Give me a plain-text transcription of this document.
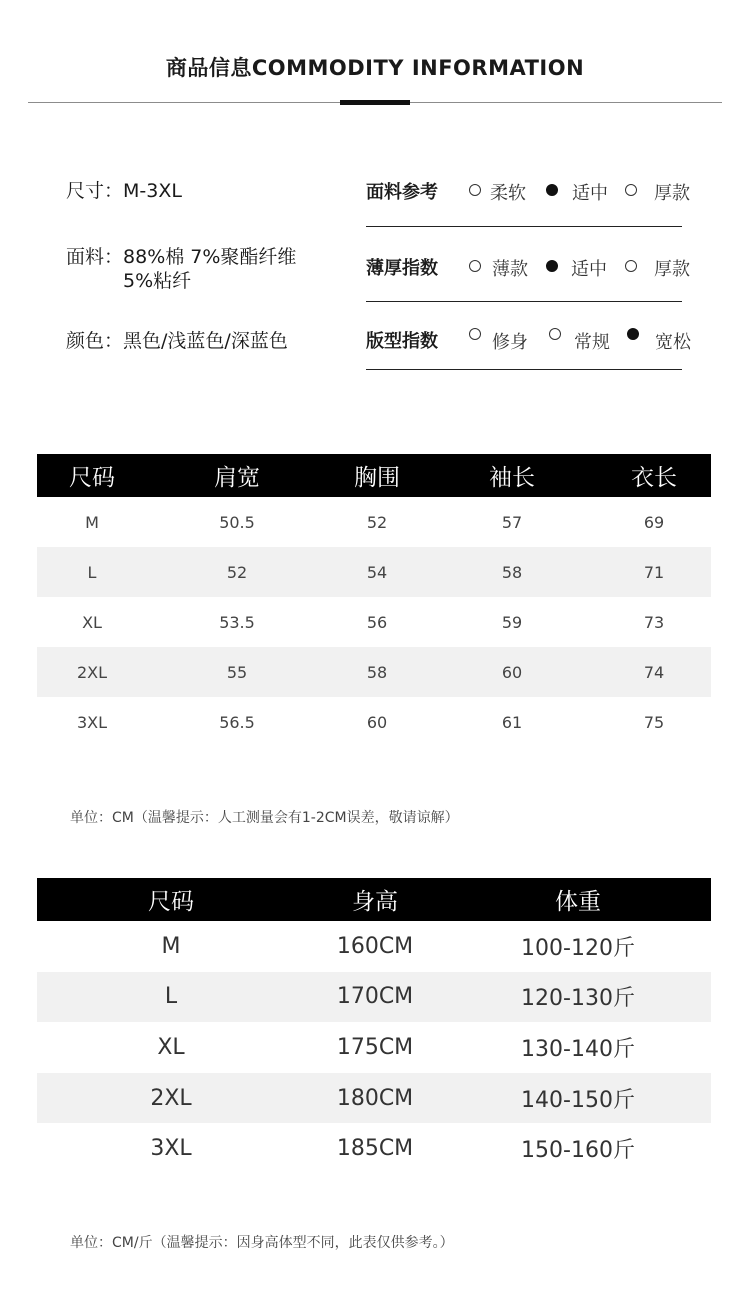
商品信息COMMODITY INFORMATION
尺寸：M-3XL
面料：88%棉 7%聚酯纤维
5%粘纤
颜色：黑色/浅蓝色/深蓝色
面料参考	柔软	适中	厚款
薄厚指数	薄款 适中	厚款
版型指数	修身	常规	宽松
尺码	肩宽	胸围	袖长	衣长
M	50.5	52	57	69
L	52	54	58	71
XL	53.5	56	59	73
2XL	55	58	60	74
3XL	56.5	60	61	75
单位：CM（温馨提示：人工测量会有1-2CM误差，敬请谅解）
尺码	身高	体重
M	160CM	100-120斤
L	170CM	120-130斤
XL	175CM	130-140斤
2XL	180CM	140-150斤
3XL	185CM	150-160斤
单位：CM/斤（温馨提示：因身高体型不同，此表仅供参考。）
